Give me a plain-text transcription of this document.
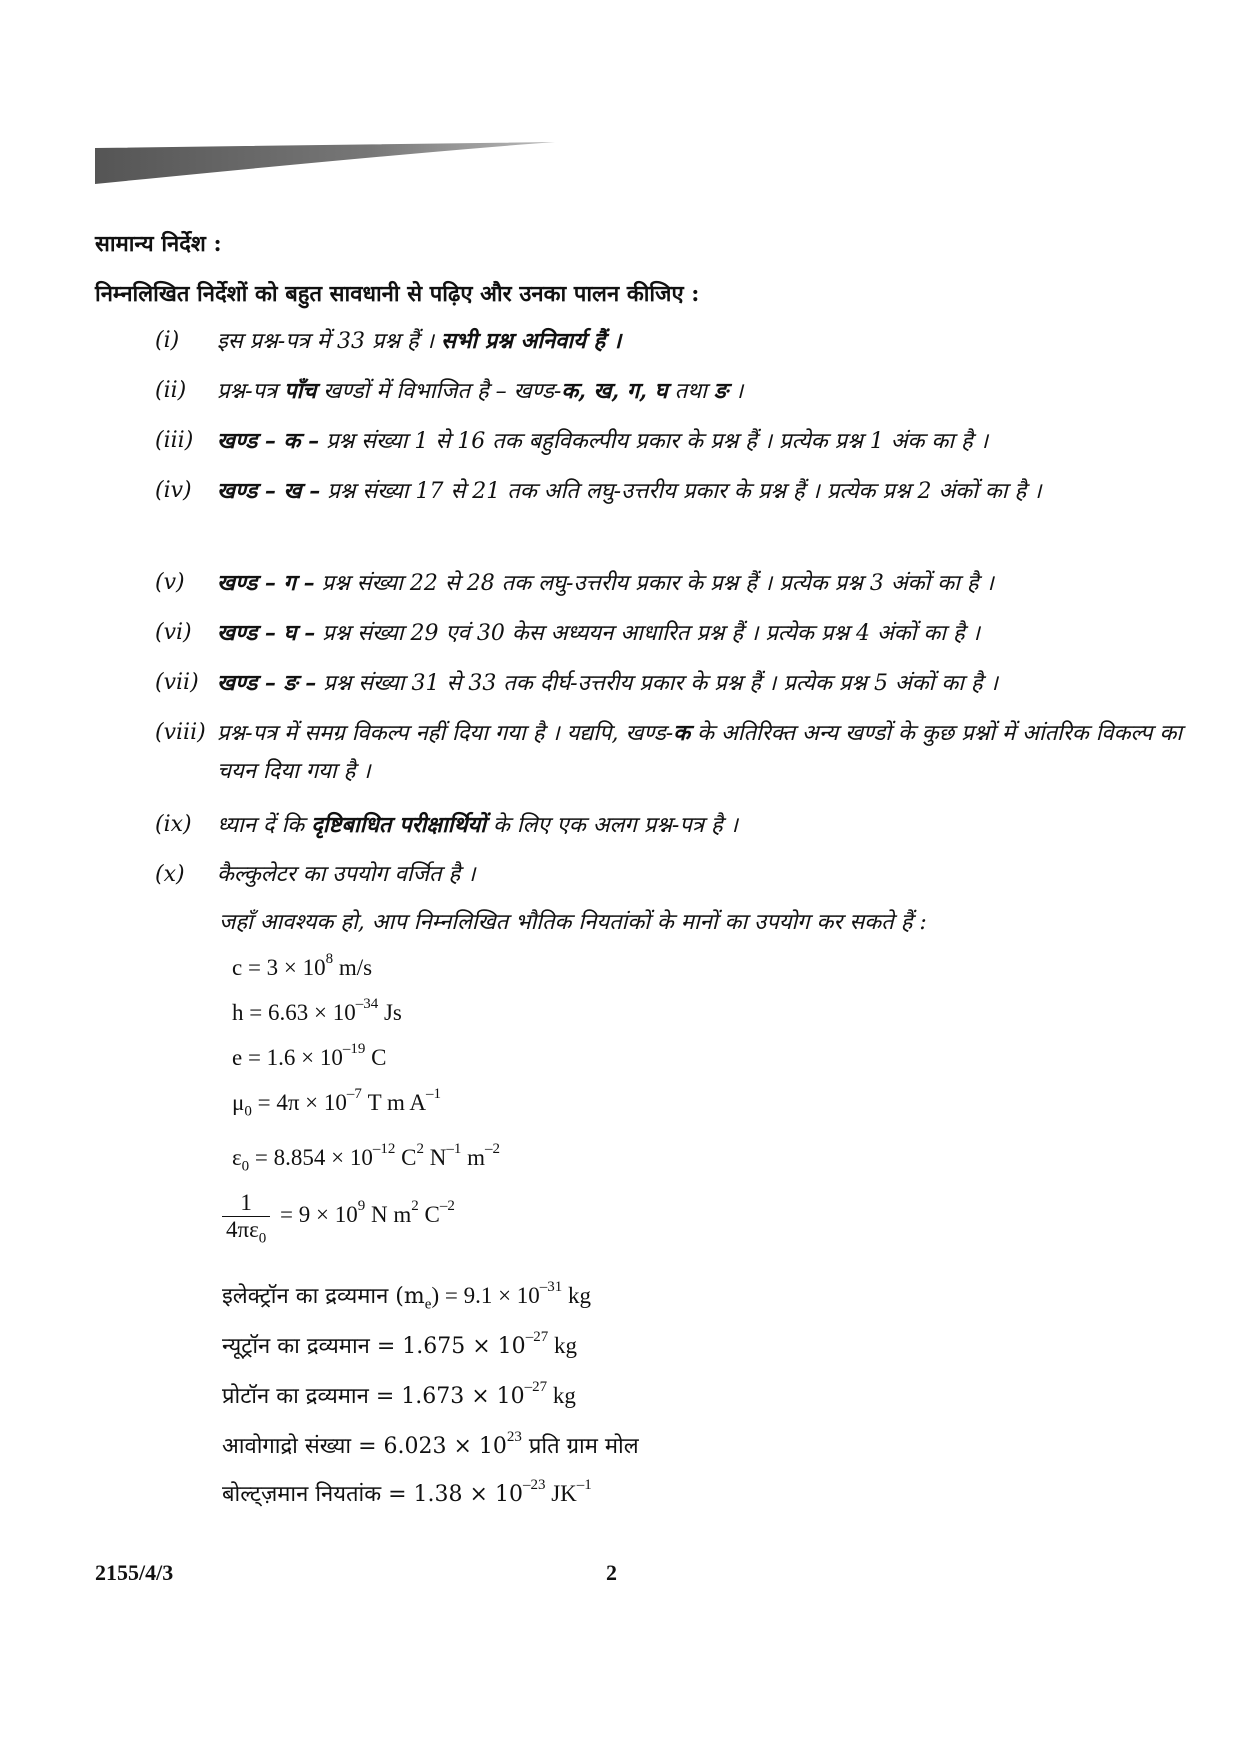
सामान्य निर्देश :
निम्नलिखित निर्देशों को बहुत सावधानी से पढ़िए और उनका पालन कीजिए :
(i) इस प्रश्न-पत्र में 33 प्रश्न हैं । सभी प्रश्न अनिवार्य हैं ।
(ii) प्रश्न-पत्र पाँच खण्डों में विभाजित है – खण्ड-क, ख, ग, घ तथा ङ ।
(iii) खण्ड – क – प्रश्न संख्या 1 से 16 तक बहुविकल्पीय प्रकार के प्रश्न हैं । प्रत्येक प्रश्न 1 अंक का है ।
(iv) खण्ड – ख – प्रश्न संख्या 17 से 21 तक अति लघु-उत्तरीय प्रकार के प्रश्न हैं । प्रत्येक प्रश्न 2 अंकों का है ।
(v) खण्ड – ग – प्रश्न संख्या 22 से 28 तक लघु-उत्तरीय प्रकार के प्रश्न हैं । प्रत्येक प्रश्न 3 अंकों का है ।
(vi) खण्ड – घ – प्रश्न संख्या 29 एवं 30 केस अध्ययन आधारित प्रश्न हैं । प्रत्येक प्रश्न 4 अंकों का है ।
(vii) खण्ड – ङ – प्रश्न संख्या 31 से 33 तक दीर्घ-उत्तरीय प्रकार के प्रश्न हैं । प्रत्येक प्रश्न 5 अंकों का है ।
(viii) प्रश्न-पत्र में समग्र विकल्प नहीं दिया गया है । यद्यपि, खण्ड-क के अतिरिक्त अन्य खण्डों के कुछ प्रश्नों में आंतरिक विकल्प का चयन दिया गया है ।
(ix) ध्यान दें कि दृष्टिबाधित परीक्षार्थियों के लिए एक अलग प्रश्न-पत्र है ।
(x) कैल्कुलेटर का उपयोग वर्जित है ।
जहाँ आवश्यक हो, आप निम्नलिखित भौतिक नियतांकों के मानों का उपयोग कर सकते हैं :
$c = 3 \times 10^8$ m/s
$h = 6.63 \times 10^{-34}$ Js
$e = 1.6 \times 10^{-19}$ C
$\mu_0 = 4\pi \times 10^{-7}$ T m $A^{-1}$
$\varepsilon_0 = 8.854 \times 10^{-12}$ $C^2$ $N^{-1}$ $m^{-2}$
$\frac{1}{4\pi\varepsilon_0} = 9 \times 10^9$ N $m^2$ $C^{-2}$
इलेक्ट्रॉन का द्रव्यमान $(m_e) = 9.1 \times 10^{-31}$ kg
न्यूट्रॉन का द्रव्यमान = $1.675 \times 10^{-27}$ kg
प्रोटॉन का द्रव्यमान = $1.673 \times 10^{-27}$ kg
आवोगाद्रो संख्या = $6.023 \times 10^{23}$ प्रति ग्राम मोल
बोल्ट्ज़मान नियतांक = $1.38 \times 10^{-23}$ $JK^{-1}$
2155/4/3	2
